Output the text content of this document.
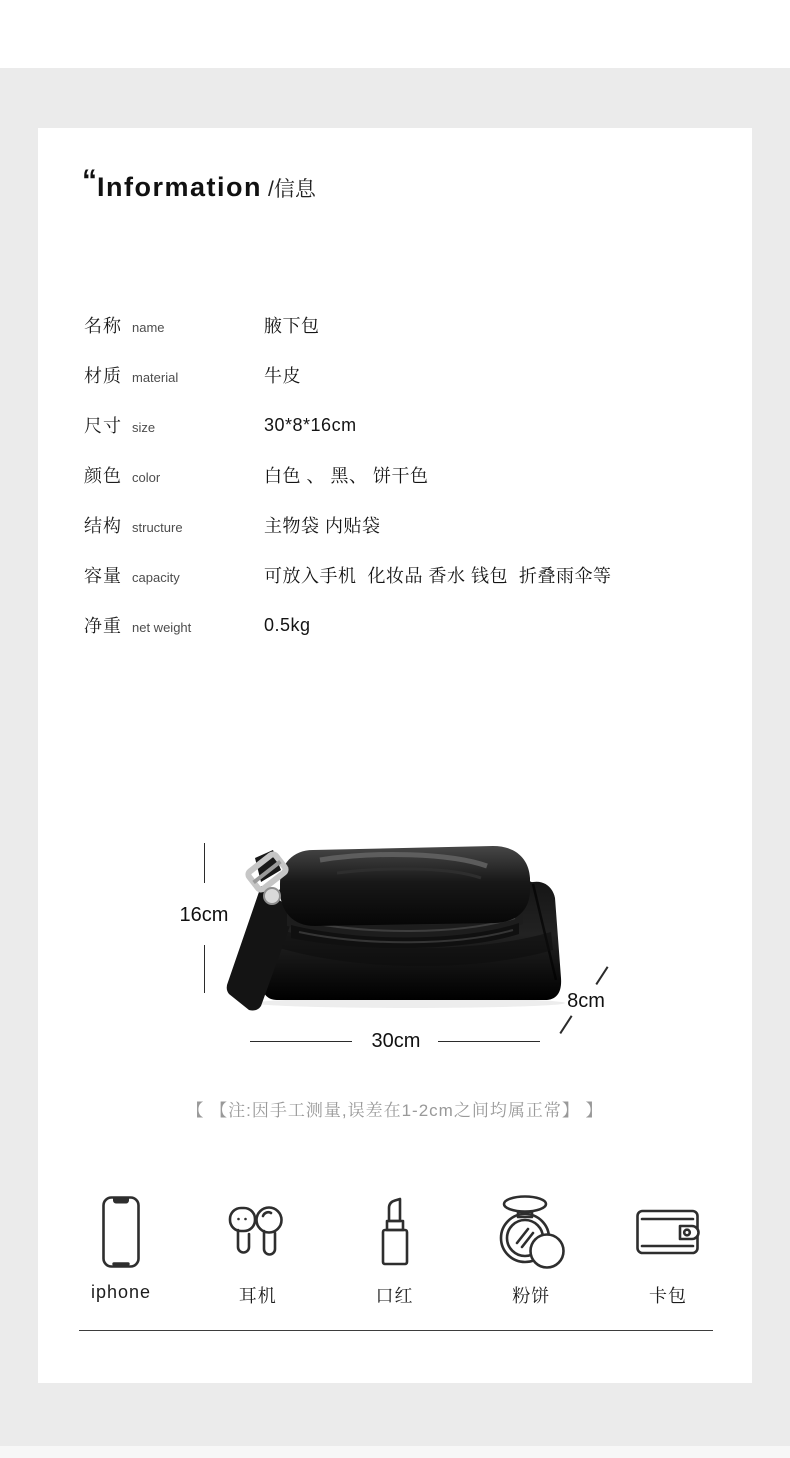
“Information /信息
名称 name	腋下包
材质 material	牛皮
尺寸 size	30*8*16cm
颜色 color	白色 、 黑、 饼干色
结构 structure	主物袋 内贴袋
容量 capacity	可放入手机  化妆品 香水 钱包  折叠雨伞等
净重 net weight	0.5kg
16cm
30cm
8cm
【 【注:因手工测量,误差在1-2cm之间均属正常】 】
iphone	耳机	口红	粉饼	卡包
